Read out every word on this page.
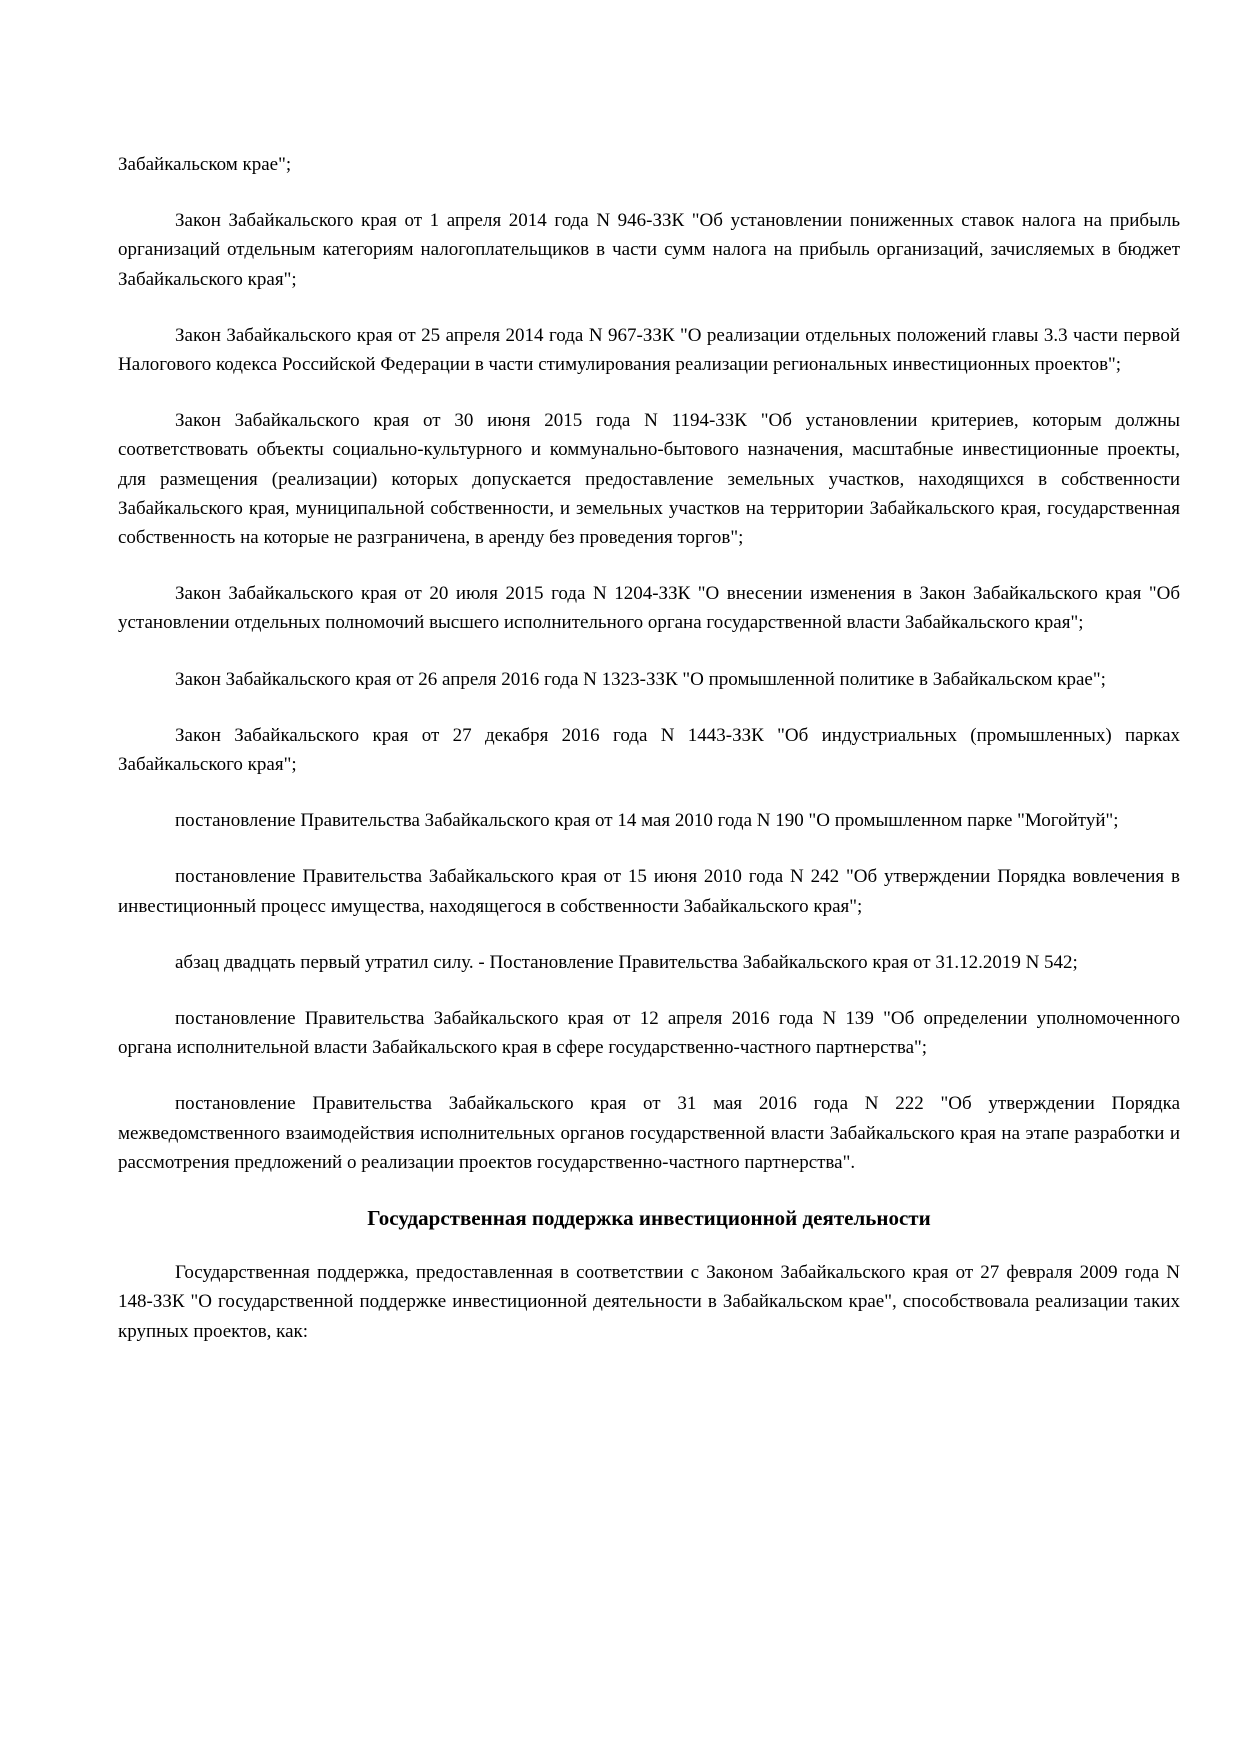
Забайкальском крае";

Закон Забайкальского края от 1 апреля 2014 года N 946-ЗЗК "Об установлении пониженных ставок налога на прибыль организаций отдельным категориям налогоплательщиков в части сумм налога на прибыль организаций, зачисляемых в бюджет Забайкальского края";

Закон Забайкальского края от 25 апреля 2014 года N 967-ЗЗК "О реализации отдельных положений главы 3.3 части первой Налогового кодекса Российской Федерации в части стимулирования реализации региональных инвестиционных проектов";

Закон Забайкальского края от 30 июня 2015 года N 1194-ЗЗК "Об установлении критериев, которым должны соответствовать объекты социально-культурного и коммунально-бытового назначения, масштабные инвестиционные проекты, для размещения (реализации) которых допускается предоставление земельных участков, находящихся в собственности Забайкальского края, муниципальной собственности, и земельных участков на территории Забайкальского края, государственная собственность на которые не разграничена, в аренду без проведения торгов";

Закон Забайкальского края от 20 июля 2015 года N 1204-ЗЗК "О внесении изменения в Закон Забайкальского края "Об установлении отдельных полномочий высшего исполнительного органа государственной власти Забайкальского края";

Закон Забайкальского края от 26 апреля 2016 года N 1323-ЗЗК "О промышленной политике в Забайкальском крае";

Закон Забайкальского края от 27 декабря 2016 года N 1443-ЗЗК "Об индустриальных (промышленных) парках Забайкальского края";

постановление Правительства Забайкальского края от 14 мая 2010 года N 190 "О промышленном парке "Могойтуй";

постановление Правительства Забайкальского края от 15 июня 2010 года N 242 "Об утверждении Порядка вовлечения в инвестиционный процесс имущества, находящегося в собственности Забайкальского края";

абзац двадцать первый утратил силу. - Постановление Правительства Забайкальского края от 31.12.2019 N 542;

постановление Правительства Забайкальского края от 12 апреля 2016 года N 139 "Об определении уполномоченного органа исполнительной власти Забайкальского края в сфере государственно-частного партнерства";

постановление Правительства Забайкальского края от 31 мая 2016 года N 222 "Об утверждении Порядка межведомственного взаимодействия исполнительных органов государственной власти Забайкальского края на этапе разработки и рассмотрения предложений о реализации проектов государственно-частного партнерства".

Государственная поддержка инвестиционной деятельности

Государственная поддержка, предоставленная в соответствии с Законом Забайкальского края от 27 февраля 2009 года N 148-ЗЗК "О государственной поддержке инвестиционной деятельности в Забайкальском крае", способствовала реализации таких крупных проектов, как:
